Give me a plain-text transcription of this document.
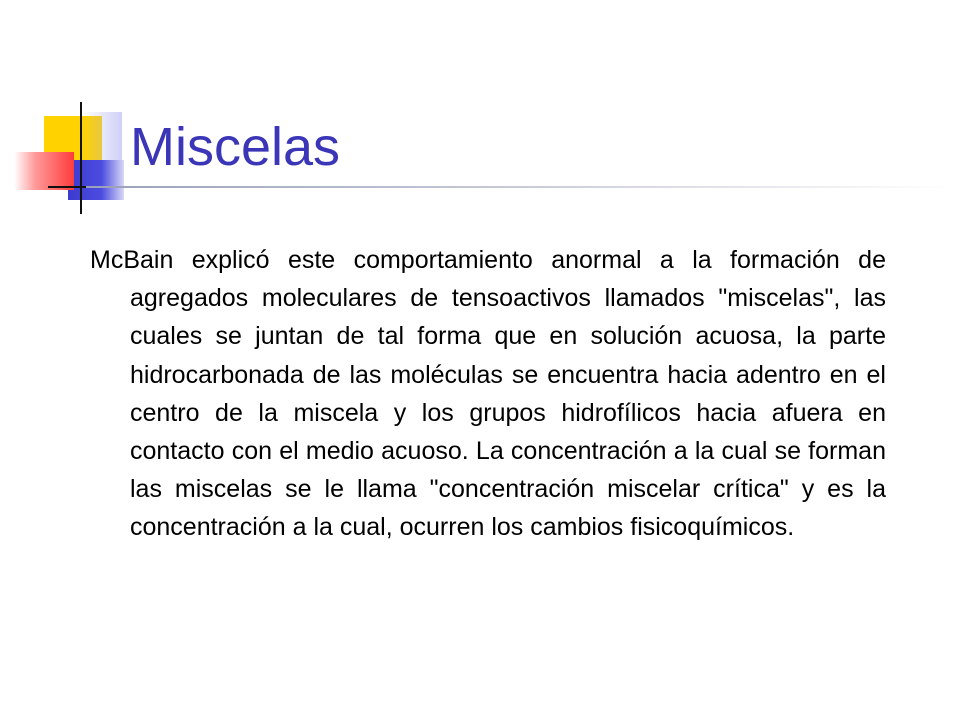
Miscelas

McBain explicó este comportamiento anormal a la formación de agregados moleculares de tensoactivos llamados "miscelas", las cuales se juntan de tal forma que en solución acuosa, la parte hidrocarbonada de las moléculas se encuentra hacia adentro en el centro de la miscela y los grupos hidrofílicos hacia afuera en contacto con el medio acuoso. La concentración a la cual se forman las miscelas se le llama "concentración miscelar crítica" y es la concentración a la cual, ocurren los cambios fisicoquímicos.
